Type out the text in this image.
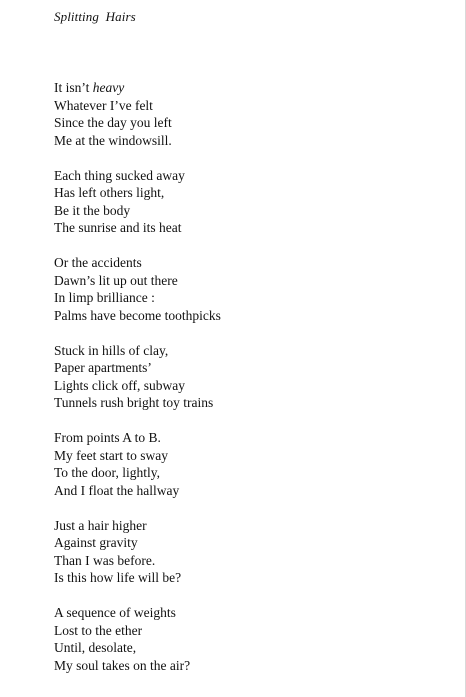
Splitting  Hairs
It isn’t heavy
Whatever I’ve felt
Since the day you left
Me at the windowsill.
Each thing sucked away
Has left others light,
Be it the body
The sunrise and its heat
Or the accidents
Dawn’s lit up out there
In limp brilliance :
Palms have become toothpicks
Stuck in hills of clay,
Paper apartments’
Lights click off, subway
Tunnels rush bright toy trains
From points A to B.
My feet start to sway
To the door, lightly,
And I float the hallway
Just a hair higher
Against gravity
Than I was before.
Is this how life will be?
A sequence of weights
Lost to the ether
Until, desolate,
My soul takes on the air?
